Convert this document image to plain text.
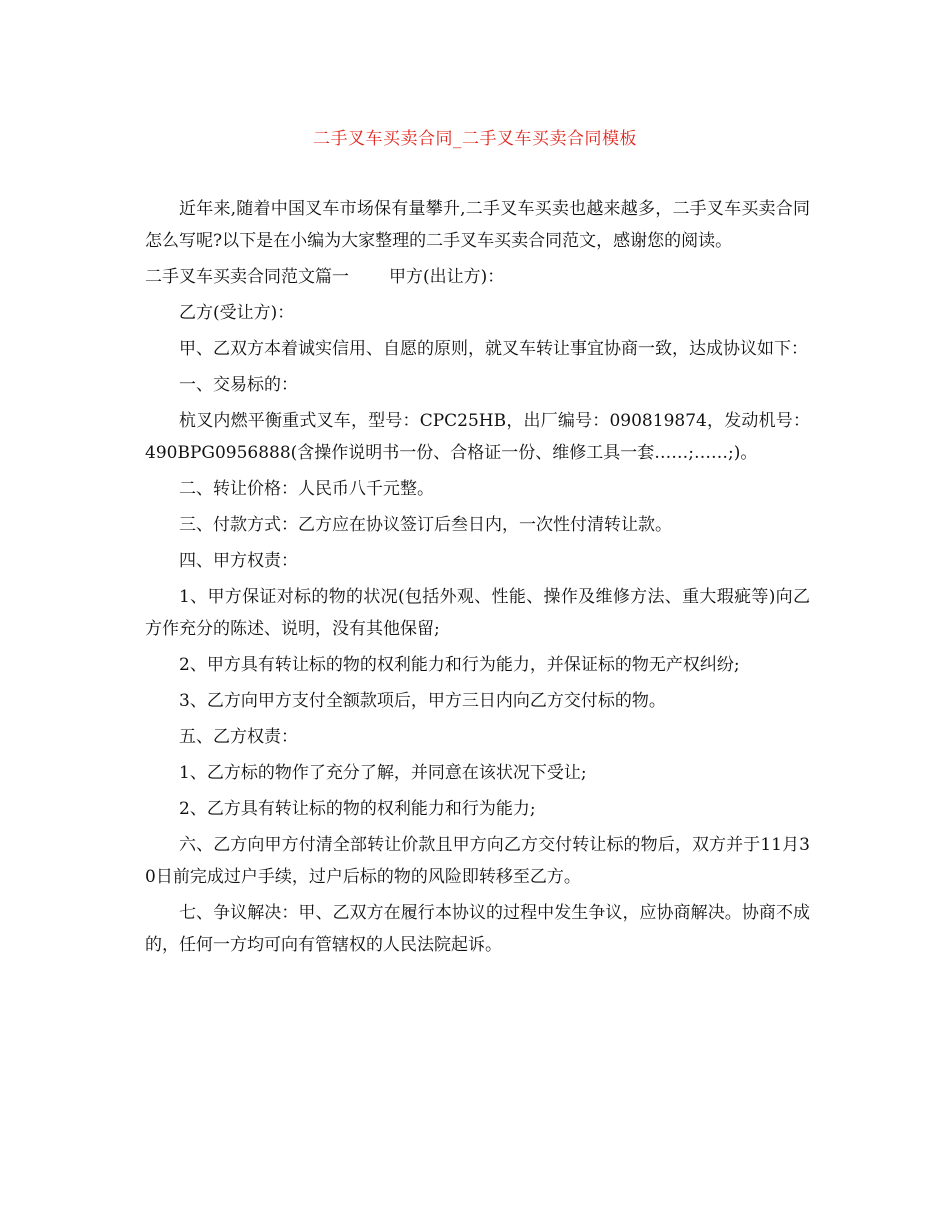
二手叉车买卖合同_二手叉车买卖合同模板

近年来,随着中国叉车市场保有量攀升,二手叉车买卖也越来越多，二手叉车买卖合同怎么写呢?以下是在小编为大家整理的二手叉车买卖合同范文，感谢您的阅读。

二手叉车买卖合同范文篇一 甲方(出让方)：

乙方(受让方)：

甲、乙双方本着诚实信用、自愿的原则，就叉车转让事宜协商一致，达成协议如下：

一、交易标的：

杭叉内燃平衡重式叉车，型号：CPC25HB，出厂编号：090819874，发动机号：490BPG0956888(含操作说明书一份、合格证一份、维修工具一套……;……;)。

二、转让价格：人民币八千元整。

三、付款方式：乙方应在协议签订后叁日内，一次性付清转让款。

四、甲方权责：

1、甲方保证对标的物的状况(包括外观、性能、操作及维修方法、重大瑕疵等)向乙方作充分的陈述、说明，没有其他保留;

2、甲方具有转让标的物的权利能力和行为能力，并保证标的物无产权纠纷;

3、乙方向甲方支付全额款项后，甲方三日内向乙方交付标的物。

五、乙方权责：

1、乙方标的物作了充分了解，并同意在该状况下受让;

2、乙方具有转让标的物的权利能力和行为能力;

六、乙方向甲方付清全部转让价款且甲方向乙方交付转让标的物后，双方并于11月30日前完成过户手续，过户后标的物的风险即转移至乙方。

七、争议解决：甲、乙双方在履行本协议的过程中发生争议，应协商解决。协商不成的，任何一方均可向有管辖权的人民法院起诉。
